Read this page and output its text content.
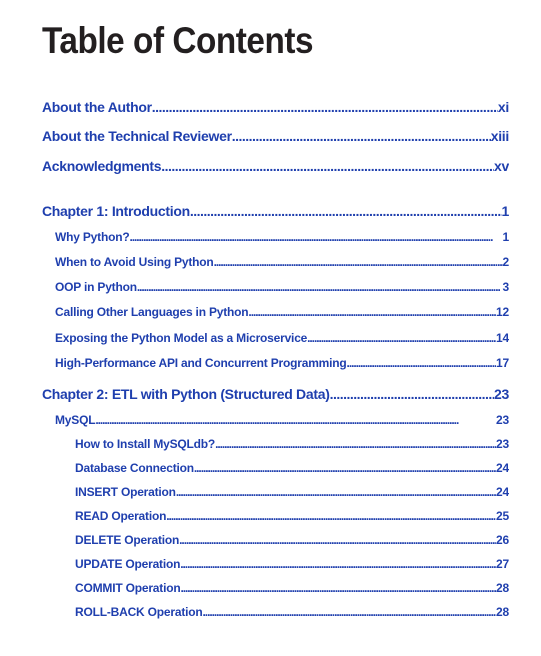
Table of Contents
About the Author . . .	xi
About the Technical Reviewer . . .	xiii
Acknowledgments . . .	xv
Chapter 1: Introduction . . .	1
Why Python? . . .	1
When to Avoid Using Python . . .	2
OOP in Python . . .	3
Calling Other Languages in Python . . .	12
Exposing the Python Model as a Microservice . . .	14
High-Performance API and Concurrent Programming . . .	17
Chapter 2: ETL with Python (Structured Data) . . .	23
MySQL . . .	23
How to Install MySQLdb? . . .	23
Database Connection . . .	24
INSERT Operation . . .	24
READ Operation . . .	25
DELETE Operation . . .	26
UPDATE Operation . . .	27
COMMIT Operation . . .	28
ROLL-BACK Operation . . .	28
